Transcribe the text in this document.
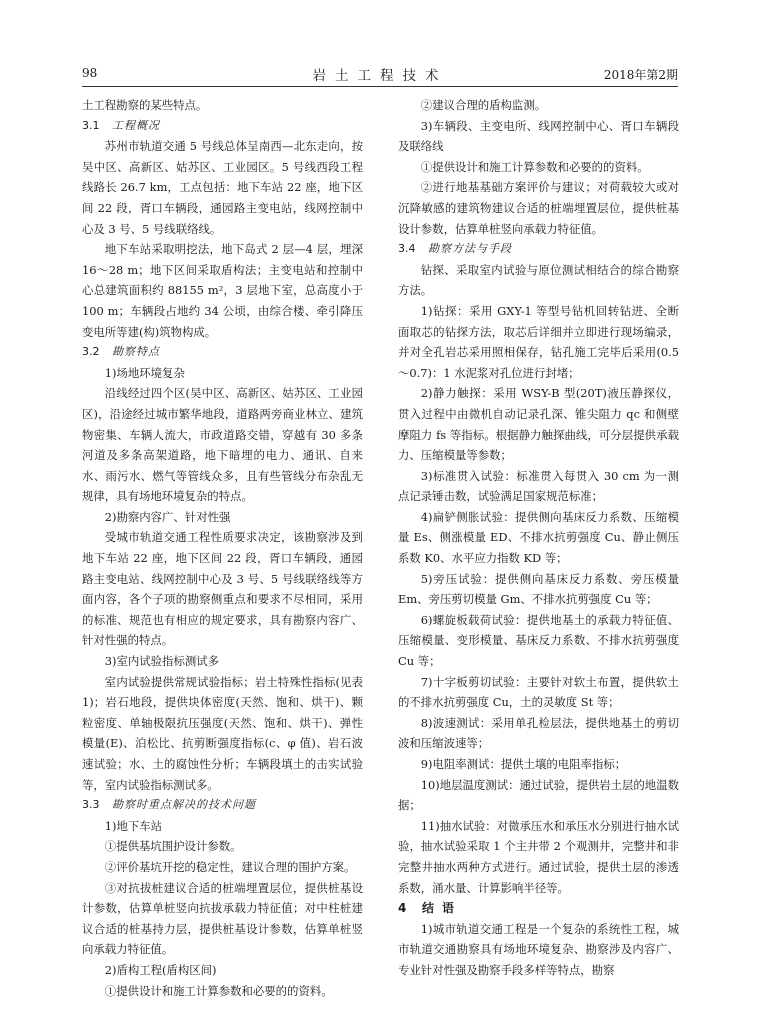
98	岩土工程技术	2018年第2期

土工程勘察的某些特点。

3.1 工程概况

苏州市轨道交通 5 号线总体呈南西—北东走向，按吴中区、高新区、姑苏区、工业园区。5 号线西段工程线路长 26.7 km，工点包括：地下车站 22 座，地下区间 22 段，胥口车辆段，通园路主变电站，线网控制中心及 3 号、5 号线联络线。

地下车站采取明挖法，地下岛式 2 层—4 层，埋深 16～28 m；地下区间采取盾构法；主变电站和控制中心总建筑面积约 88155 m²，3 层地下室，总高度小于 100 m；车辆段占地约 34 公顷，由综合楼、牵引降压变电所等建(构)筑物构成。

3.2 勘察特点

1)场地环境复杂

沿线经过四个区(吴中区、高新区、姑苏区、工业园区)，沿途经过城市繁华地段，道路两旁商业林立、建筑物密集、车辆人流大，市政道路交错，穿越有 30 多条河道及多条高架道路，地下暗埋的电力、通讯、自来水、雨污水、燃气等管线众多，且有些管线分布杂乱无规律，具有场地环境复杂的特点。

2)勘察内容广、针对性强

受城市轨道交通工程性质要求决定，该勘察涉及到地下车站 22 座，地下区间 22 段，胥口车辆段，通园路主变电站、线网控制中心及 3 号、5 号线联络线等方面内容，各个子项的勘察侧重点和要求不尽相同，采用的标准、规范也有相应的规定要求，具有勘察内容广、针对性强的特点。

3)室内试验指标测试多

室内试验提供常规试验指标；岩土特殊性指标(见表 1)；岩石地段，提供块体密度(天然、饱和、烘干)、颗粒密度、单轴极限抗压强度(天然、饱和、烘干)、弹性模量(E)、泊松比、抗剪断强度指标(c、φ 值)、岩石波速试验；水、土的腐蚀性分析；车辆段填土的击实试验等，室内试验指标测试多。

3.3 勘察时重点解决的技术问题

1)地下车站

①提供基坑围护设计参数。

②评价基坑开挖的稳定性，建议合理的围护方案。

③对抗拔桩建议合适的桩端埋置层位，提供桩基设计参数，估算单桩竖向抗拔承载力特征值；对中柱桩建议合适的桩基持力层，提供桩基设计参数，估算单桩竖向承载力特征值。

2)盾构工程(盾构区间)

①提供设计和施工计算参数和必要的的资料。

②建议合理的盾构监测。

3)车辆段、主变电所、线网控制中心、胥口车辆段及联络线

①提供设计和施工计算参数和必要的的资料。

②进行地基基础方案评价与建议；对荷载较大或对沉降敏感的建筑物建议合适的桩端埋置层位，提供桩基设计参数，估算单桩竖向承载力特征值。

3.4 勘察方法与手段

钻探、采取室内试验与原位测试相结合的综合勘察方法。

1)钻探：采用 GXY-1 等型号钻机回转钻进、全断面取芯的钻探方法，取芯后详细并立即进行现场编录，并对全孔岩芯采用照相保存，钻孔施工完毕后采用(0.5～0.7)：1 水泥浆对孔位进行封堵；

2)静力触探：采用 WSY-B 型(20T)液压静探仪，贯入过程中由微机自动记录孔深、锥尖阻力 qc 和侧壁摩阻力 fs 等指标。根据静力触探曲线，可分层提供承载力、压缩模量等参数；

3)标准贯入试验：标准贯入每贯入 30 cm 为一测点记录锤击数，试验满足国家规范标准；

4)扁铲侧胀试验：提供侧向基床反力系数、压缩模量 Es、侧涨模量 ED、不排水抗剪强度 Cu、静止侧压系数 K0、水平应力指数 KD 等；

5)旁压试验：提供侧向基床反力系数、旁压模量 Em、旁压剪切模量 Gm、不排水抗剪强度 Cu 等；

6)螺旋板载荷试验：提供地基土的承载力特征值、压缩模量、变形模量、基床反力系数、不排水抗剪强度 Cu 等；

7)十字板剪切试验：主要针对软土布置，提供软土的不排水抗剪强度 Cu，土的灵敏度 St 等；

8)波速测试：采用单孔检层法，提供地基土的剪切波和压缩波速等；

9)电阻率测试：提供土壤的电阻率指标；

10)地层温度测试：通过试验，提供岩土层的地温数据；

11)抽水试验：对微承压水和承压水分别进行抽水试验，抽水试验采取 1 个主井带 2 个观测井，完整井和非完整井抽水两种方式进行。通过试验，提供土层的渗透系数，涌水量、计算影响半径等。

4 结语

1)城市轨道交通工程是一个复杂的系统性工程，城市轨道交通勘察具有场地环境复杂、勘察涉及内容广、专业针对性强及勘察手段多样等特点，勘察
